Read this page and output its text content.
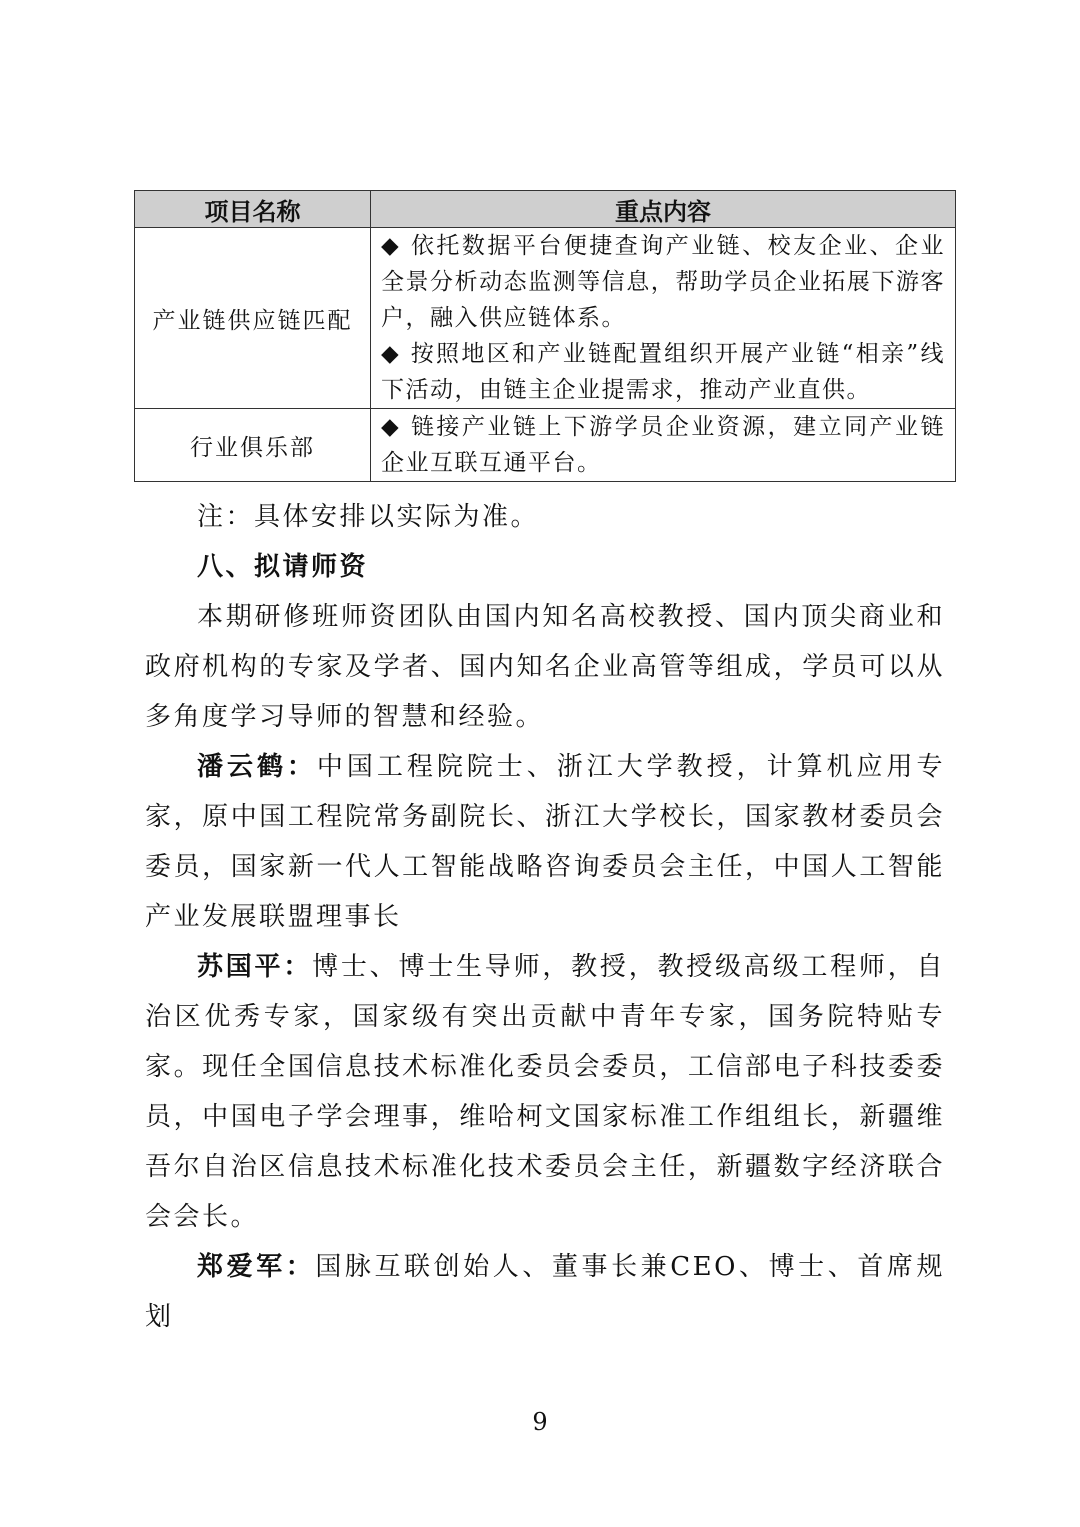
项目名称	重点内容
产业链供应链匹配	◆ 依托数据平台便捷查询产业链、校友企业、企业全景分析动态监测等信息，帮助学员企业拓展下游客户，融入供应链体系。

◆ 按照地区和产业链配置组织开展产业链“相亲”线下活动，由链主企业提需求，推动产业直供。

行业俱乐部	◆ 链接产业链上下游学员企业资源，建立同产业链企业互联互通平台。

注：具体安排以实际为准。

八、拟请师资

本期研修班师资团队由国内知名高校教授、国内顶尖商业和政府机构的专家及学者、国内知名企业高管等组成，学员可以从多角度学习导师的智慧和经验。

潘云鹤：中国工程院院士、浙江大学教授，计算机应用专家，原中国工程院常务副院长、浙江大学校长，国家教材委员会委员，国家新一代人工智能战略咨询委员会主任，中国人工智能产业发展联盟理事长

苏国平：博士、博士生导师，教授，教授级高级工程师，自治区优秀专家，国家级有突出贡献中青年专家，国务院特贴专家。现任全国信息技术标准化委员会委员，工信部电子科技委委员，中国电子学会理事，维哈柯文国家标准工作组组长，新疆维吾尔自治区信息技术标准化技术委员会主任，新疆数字经济联合会会长。

郑爱军：国脉互联创始人、董事长兼CEO、博士、首席规划

9
